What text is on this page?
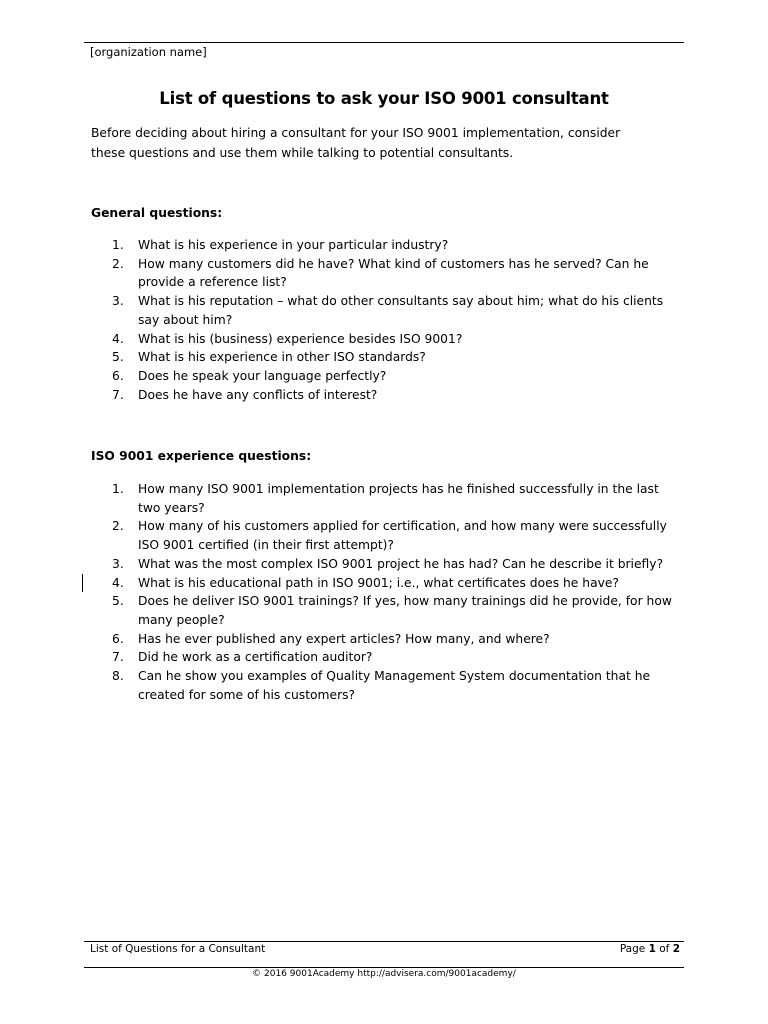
[organization name]
List of questions to ask your ISO 9001 consultant
Before deciding about hiring a consultant for your ISO 9001 implementation, consider these questions and use them while talking to potential consultants.
General questions:
1. What is his experience in your particular industry?
2. How many customers did he have? What kind of customers has he served? Can he provide a reference list?
3. What is his reputation – what do other consultants say about him; what do his clients say about him?
4. What is his (business) experience besides ISO 9001?
5. What is his experience in other ISO standards?
6. Does he speak your language perfectly?
7. Does he have any conflicts of interest?
ISO 9001 experience questions:
1. How many ISO 9001 implementation projects has he finished successfully in the last two years?
2. How many of his customers applied for certification, and how many were successfully ISO 9001 certified (in their first attempt)?
3. What was the most complex ISO 9001 project he has had? Can he describe it briefly?
4. What is his educational path in ISO 9001; i.e., what certificates does he have?
5. Does he deliver ISO 9001 trainings? If yes, how many trainings did he provide, for how many people?
6. Has he ever published any expert articles? How many, and where?
7. Did he work as a certification auditor?
8. Can he show you examples of Quality Management System documentation that he created for some of his customers?
List of Questions for a Consultant	Page 1 of 2
© 2016 9001Academy http://advisera.com/9001academy/
